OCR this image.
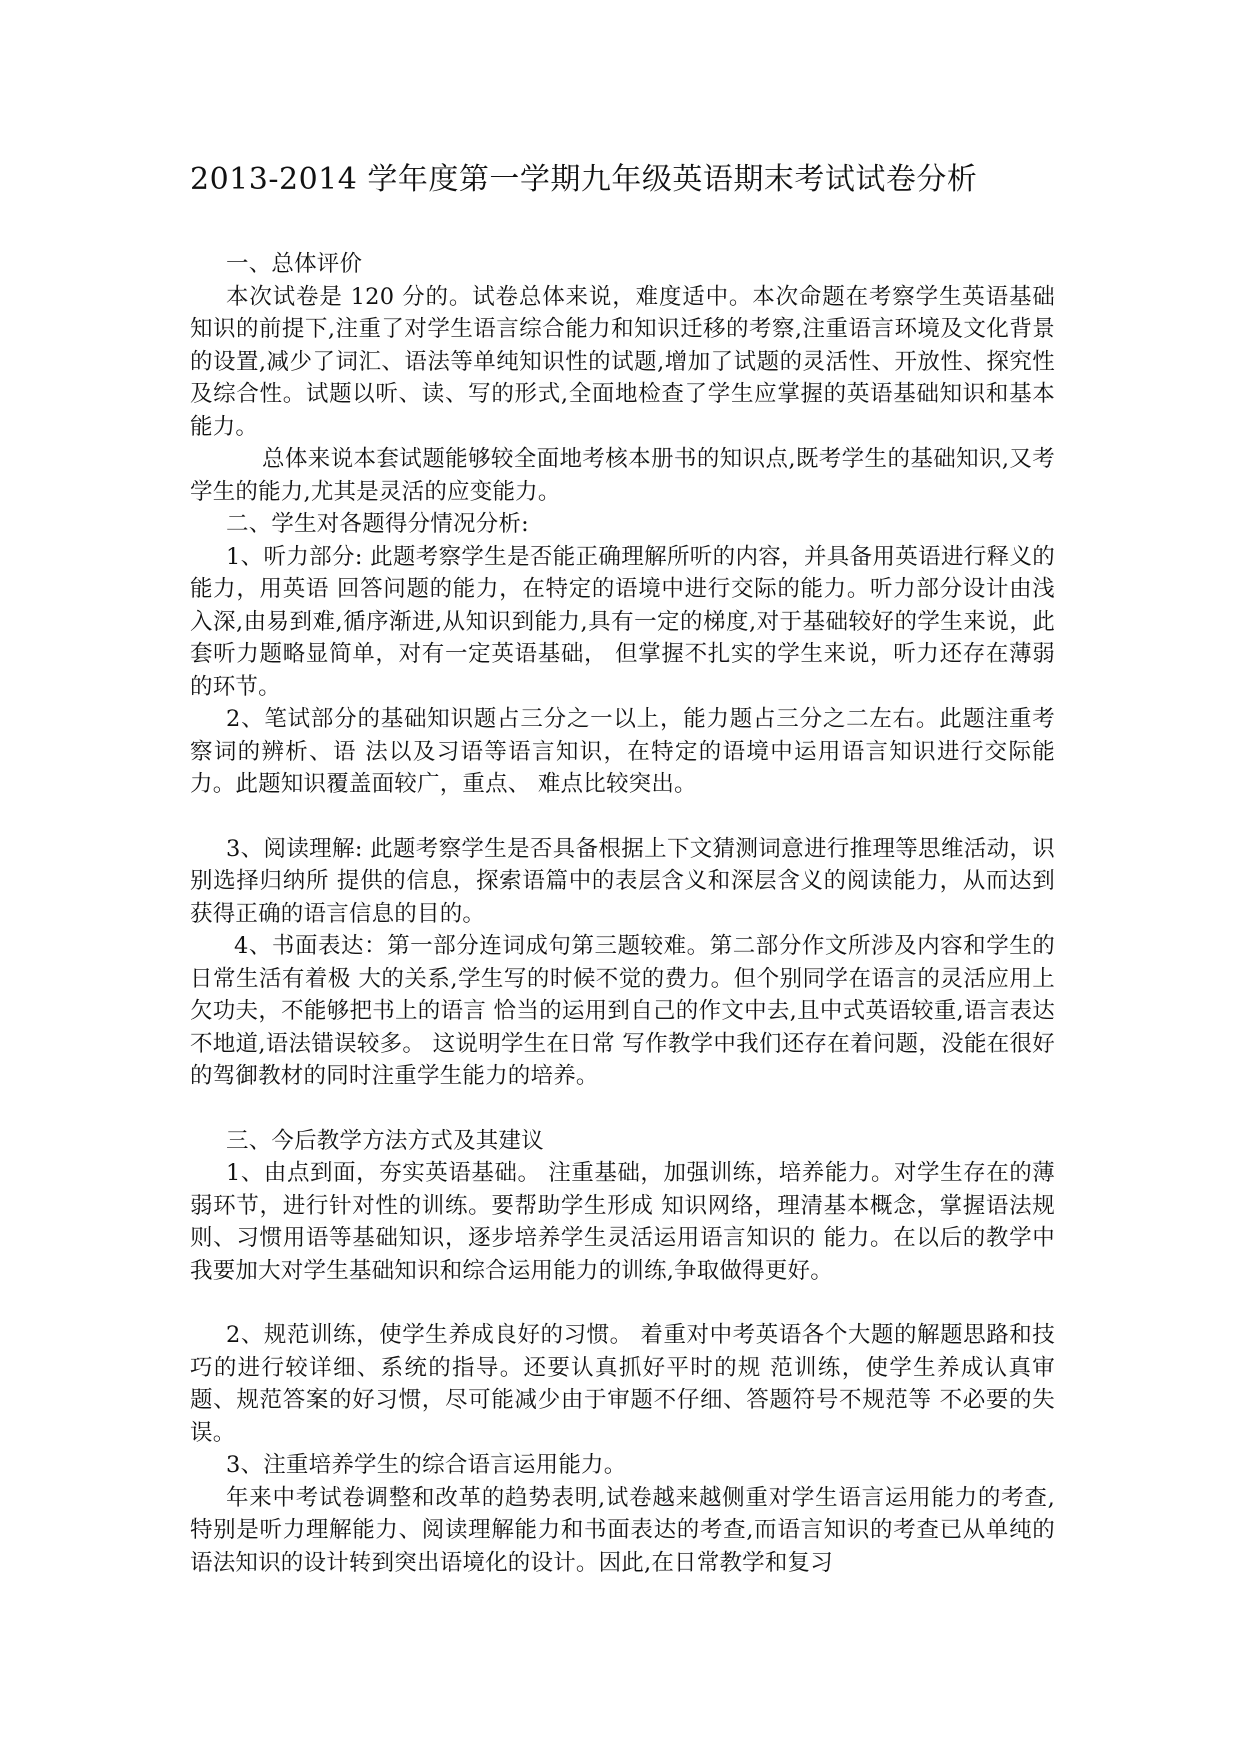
2013-2014 学年度第一学期九年级英语期末考试试卷分析

一、总体评价

本次试卷是 120 分的。试卷总体来说，难度适中。本次命题在考察学生英语基础知识的前提下,注重了对学生语言综合能力和知识迁移的考察,注重语言环境及文化背景的设置,减少了词汇、语法等单纯知识性的试题,增加了试题的灵活性、开放性、探究性及综合性。试题以听、读、写的形式,全面地检查了学生应掌握的英语基础知识和基本能力。

总体来说本套试题能够较全面地考核本册书的知识点,既考学生的基础知识,又考学生的能力,尤其是灵活的应变能力。

二、学生对各题得分情况分析:

1、听力部分: 此题考察学生是否能正确理解所听的内容，并具备用英语进行释义的能力，用英语 回答问题的能力，在特定的语境中进行交际的能力。听力部分设计由浅入深,由易到难,循序渐进,从知识到能力,具有一定的梯度,对于基础较好的学生来说，此套听力题略显简单，对有一定英语基础， 但掌握不扎实的学生来说，听力还存在薄弱的环节。

2、笔试部分的基础知识题占三分之一以上，能力题占三分之二左右。此题注重考察词的辨析、语 法以及习语等语言知识，在特定的语境中运用语言知识进行交际能力。此题知识覆盖面较广，重点、 难点比较突出。

3、阅读理解: 此题考察学生是否具备根据上下文猜测词意进行推理等思维活动，识别选择归纳所 提供的信息，探索语篇中的表层含义和深层含义的阅读能力，从而达到获得正确的语言信息的目的。

4、书面表达：第一部分连词成句第三题较难。第二部分作文所涉及内容和学生的日常生活有着极 大的关系,学生写的时候不觉的费力。但个别同学在语言的灵活应用上欠功夫，不能够把书上的语言 恰当的运用到自己的作文中去,且中式英语较重,语言表达不地道,语法错误较多。 这说明学生在日常 写作教学中我们还存在着问题，没能在很好的驾御教材的同时注重学生能力的培养。

三、今后教学方法方式及其建议

1、由点到面，夯实英语基础。 注重基础，加强训练，培养能力。对学生存在的薄弱环节，进行针对性的训练。要帮助学生形成 知识网络，理清基本概念，掌握语法规则、习惯用语等基础知识，逐步培养学生灵活运用语言知识的 能力。在以后的教学中我要加大对学生基础知识和综合运用能力的训练,争取做得更好。

2、规范训练，使学生养成良好的习惯。 着重对中考英语各个大题的解题思路和技巧的进行较详细、系统的指导。还要认真抓好平时的规 范训练，使学生养成认真审题、规范答案的好习惯，尽可能减少由于审题不仔细、答题符号不规范等 不必要的失误。

3、注重培养学生的综合语言运用能力。

年来中考试卷调整和改革的趋势表明,试卷越来越侧重对学生语言运用能力的考查,特别是听力理解能力、阅读理解能力和书面表达的考查,而语言知识的考查已从单纯的语法知识的设计转到突出语境化的设计。因此,在日常教学和复习
